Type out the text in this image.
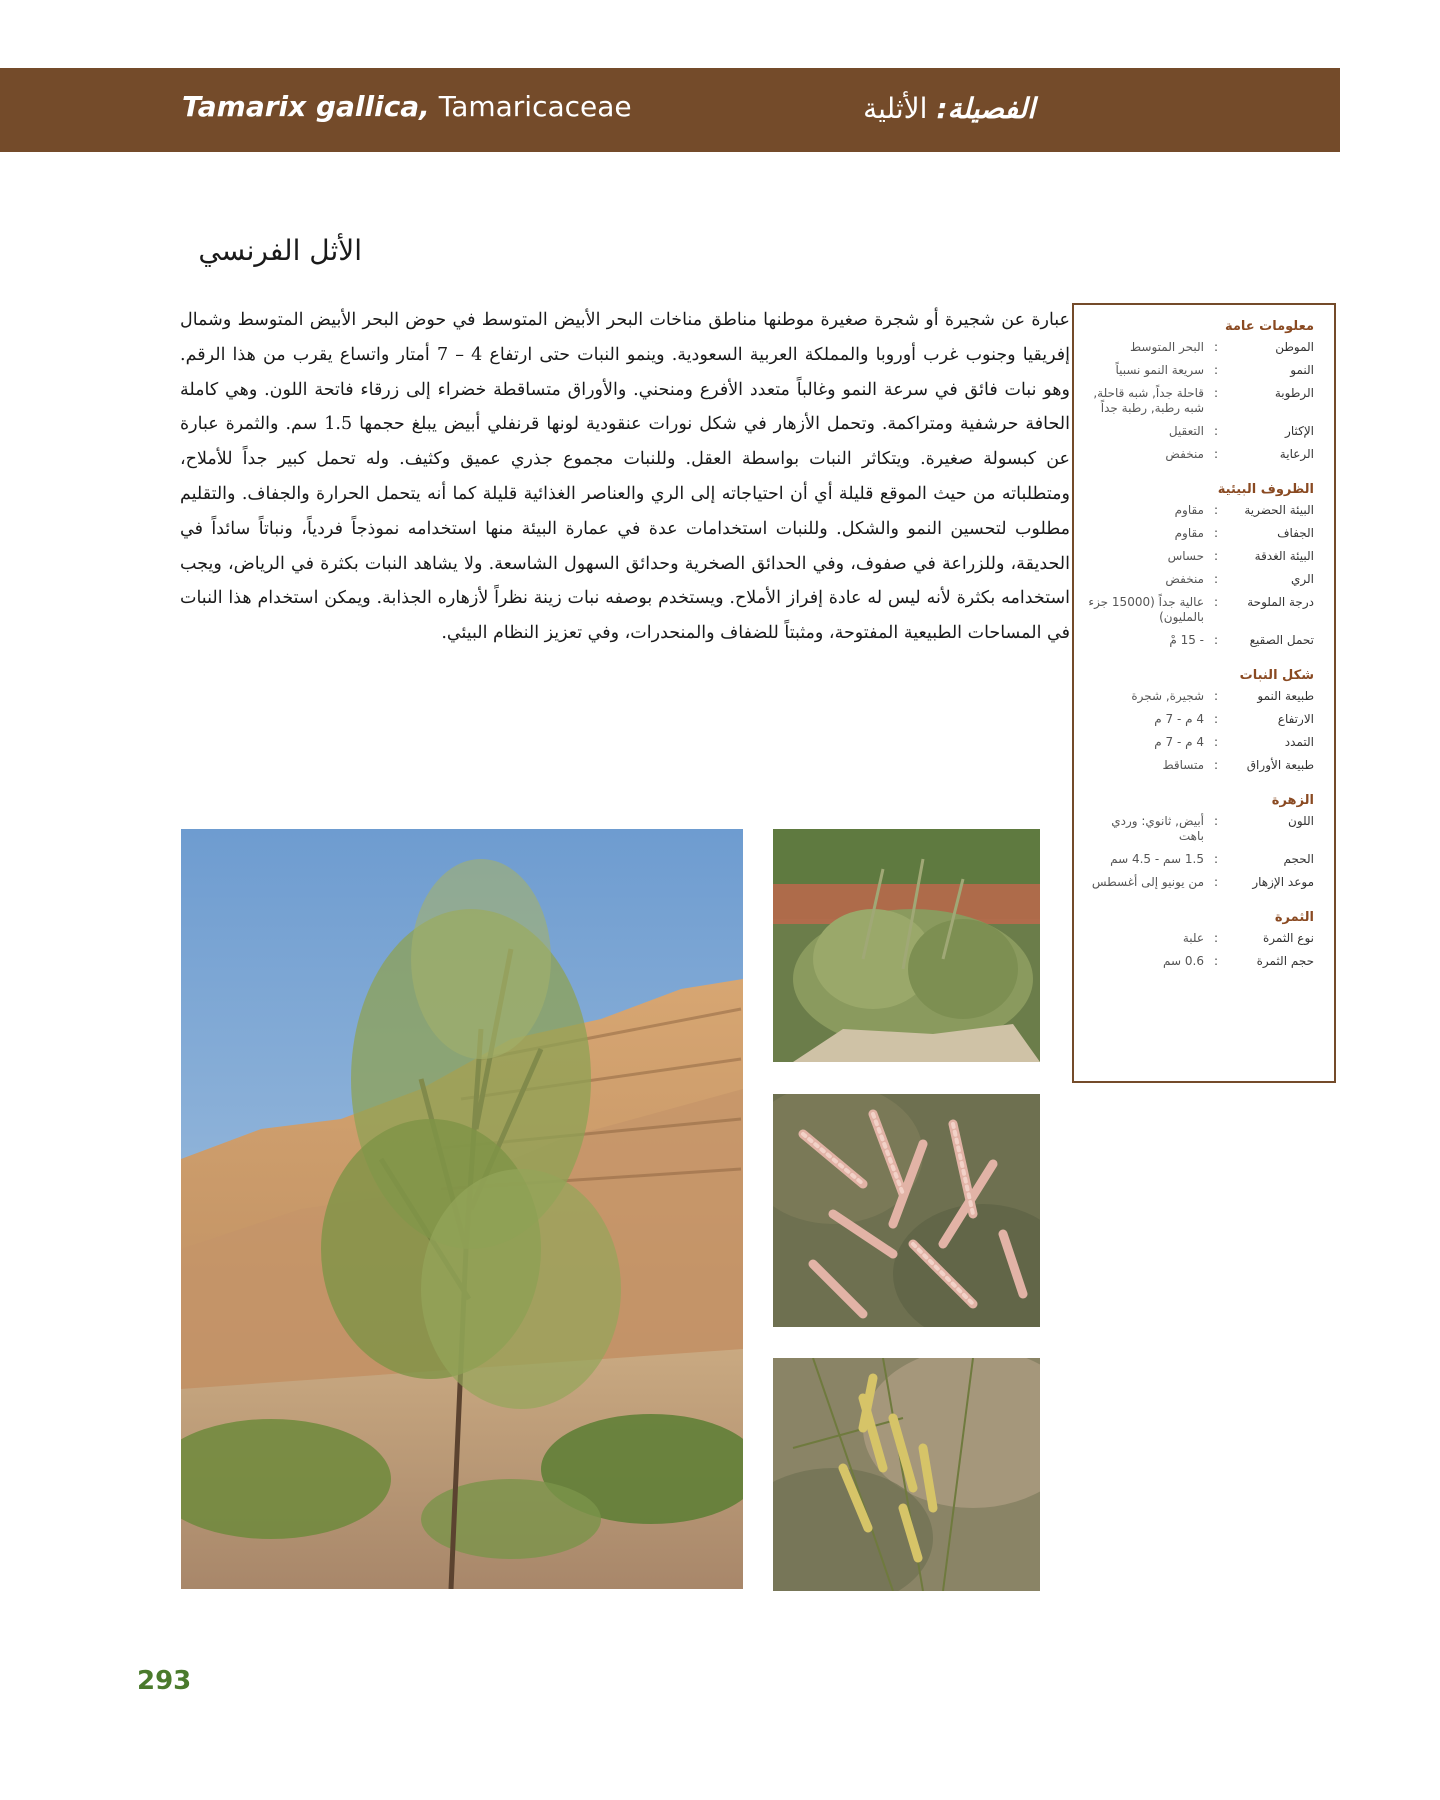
Tamarix gallica, Tamaricaceae	الفصيلة: الأثلية
الأثل الفرنسي

عبارة عن شجيرة أو شجرة صغيرة موطنها مناطق مناخات البحر الأبيض المتوسط في حوض البحر الأبيض المتوسط وشمال إفريقيا وجنوب غرب أوروبا والمملكة العربية السعودية. وينمو النبات حتى ارتفاع 4 – 7 أمتار واتساع يقرب من هذا الرقم. وهو نبات فائق في سرعة النمو وغالباً متعدد الأفرع ومنحني. والأوراق متساقطة خضراء إلى زرقاء فاتحة اللون. وهي كاملة الحافة حرشفية ومتراكمة. وتحمل الأزهار في شكل نورات عنقودية لونها قرنفلي أبيض يبلغ حجمها 1.5 سم. والثمرة عبارة عن كبسولة صغيرة. ويتكاثر النبات بواسطة العقل. وللنبات مجموع جذري عميق وكثيف. وله تحمل كبير جداً للأملاح، ومتطلباته من حيث الموقع قليلة أي أن احتياجاته إلى الري والعناصر الغذائية قليلة كما أنه يتحمل الحرارة والجفاف. والتقليم مطلوب لتحسين النمو والشكل. وللنبات استخدامات عدة في عمارة البيئة منها استخدامه نموذجاً فردياً، ونباتاً سائداً في الحديقة، وللزراعة في صفوف، وفي الحدائق الصخرية وحدائق السهول الشاسعة. ولا يشاهد النبات بكثرة في الرياض، ويجب استخدامه بكثرة لأنه ليس له عادة إفراز الأملاح. ويستخدم بوصفه نبات زينة نظراً لأزهاره الجذابة. ويمكن استخدام هذا النبات في المساحات الطبيعية المفتوحة، ومثبتاً للضفاف والمنحدرات، وفي تعزيز النظام البيئي.

معلومات عامة
الموطن
:
البحر المتوسط
النمو
:
سريعة النمو نسبياً
الرطوبة
:
قاحلة جداً, شبه قاحلة, شبه رطبة, رطبة جداً
الإكثار
:
التعقيل
الرعاية
:
منخفض
الظروف البيئية
البيئة الحضرية
:
مقاوم
الجفاف
:
مقاوم
البيئة الغدقة
:
حساس
الري
:
منخفض
درجة الملوحة
:
عالية جداً (15000 جزء بالمليون)
تحمل الصقيع
:
- 15 مْ
شكل النبات
طبيعة النمو
:
شجيرة, شجرة
الارتفاع
:
4 م - 7 م
التمدد
:
4 م - 7 م
طبيعة الأوراق
:
متساقط
الزهرة
اللون
:
أبيض, ثانوي: وردي باهت
الحجم
:
1.5 سم - 4.5 سم
موعد الإزهار
:
من يونيو إلى أغسطس
الثمرة
نوع الثمرة
:
علبة
حجم الثمرة
:
0.6 سم
293
